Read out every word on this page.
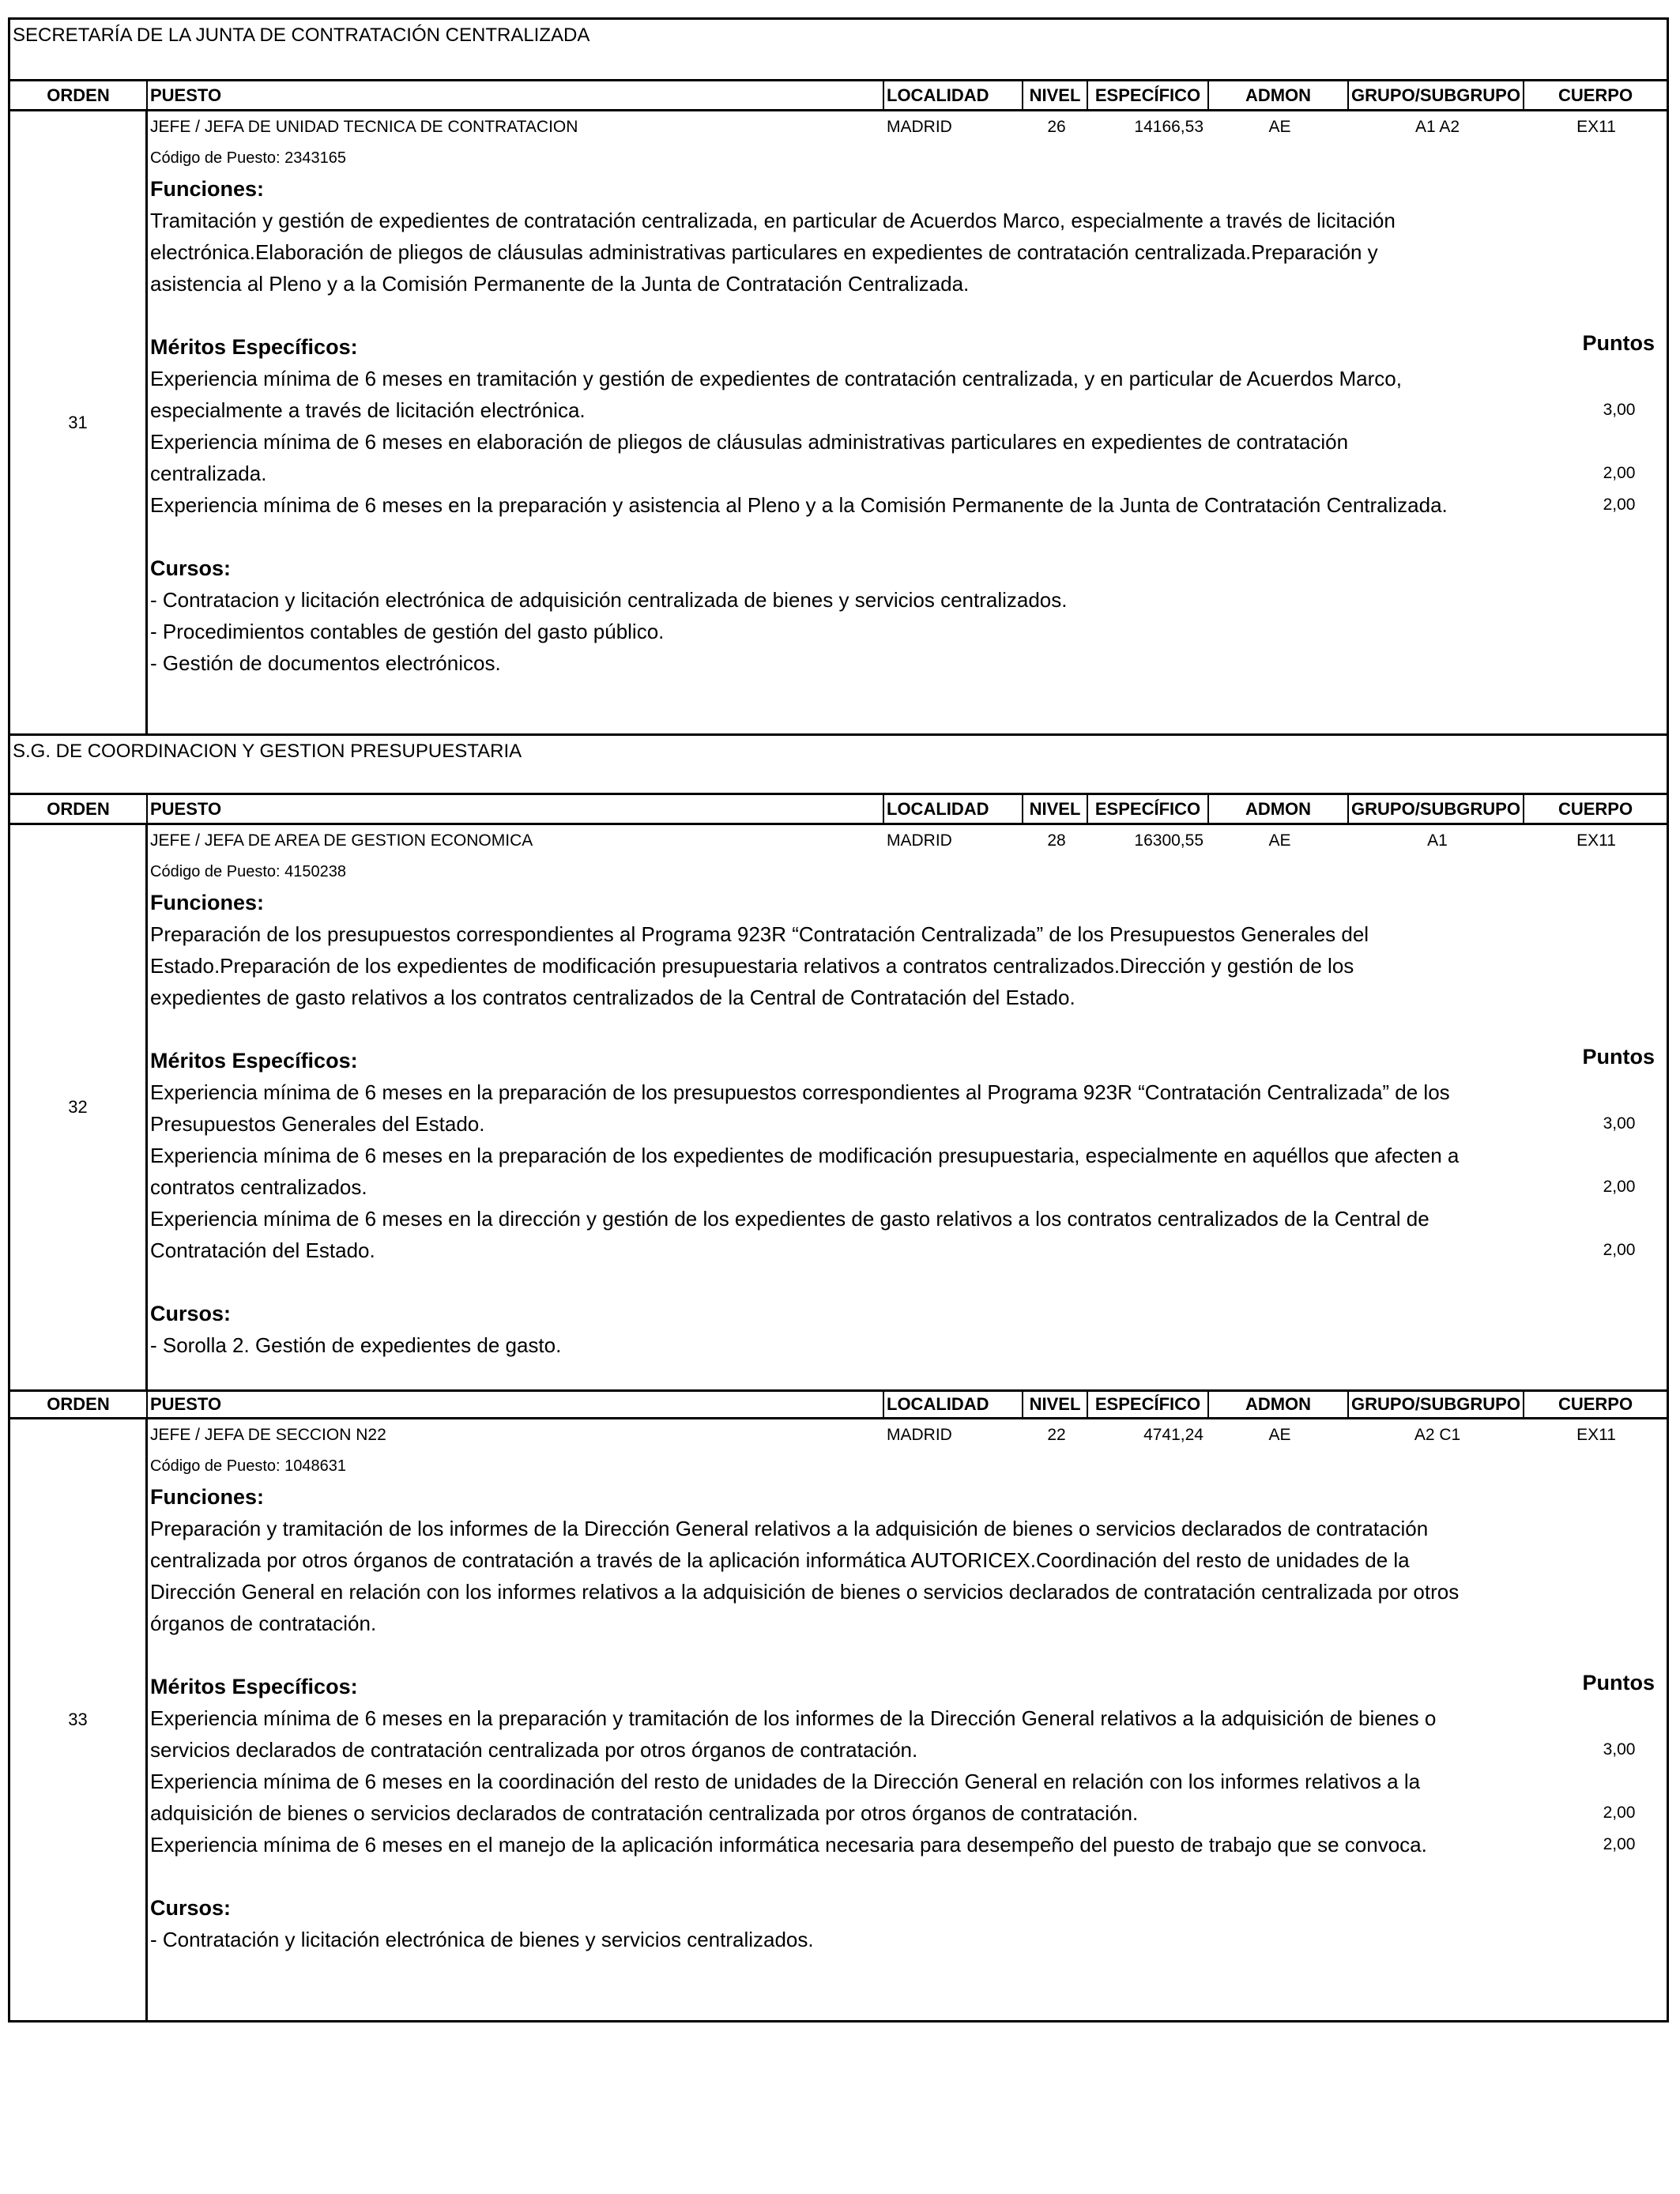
SECRETARÍA DE LA JUNTA DE CONTRATACIÓN CENTRALIZADA
ORDEN	PUESTO	LOCALIDAD	NIVEL ESPECÍFICO	ADMON	GRUPO/SUBGRUPO	CUERPO
31
JEFE / JEFA DE UNIDAD TECNICA DE CONTRATACION	MADRID	26	14166,53	AE	A1 A2	EX11
Código de Puesto: 2343165
Funciones:
Tramitación y gestión de expedientes de contratación centralizada, en particular de Acuerdos Marco, especialmente a través de licitación electrónica.Elaboración de pliegos de cláusulas administrativas particulares en expedientes de contratación centralizada.Preparación y asistencia al Pleno y a la Comisión Permanente de la Junta de Contratación Centralizada.
Méritos Específicos:	Puntos
Experiencia mínima de 6 meses en tramitación y gestión de expedientes de contratación centralizada, y en particular de Acuerdos Marco, especialmente a través de licitación electrónica.	3,00
Experiencia mínima de 6 meses en elaboración de pliegos de cláusulas administrativas particulares en expedientes de contratación centralizada.	2,00
Experiencia mínima de 6 meses en la preparación y asistencia al Pleno y a la Comisión Permanente de la Junta de Contratación Centralizada.	2,00
Cursos:
- Contratacion y licitación electrónica de adquisición centralizada de bienes y servicios centralizados.
- Procedimientos contables de gestión del gasto público.
- Gestión de documentos electrónicos.
S.G. DE COORDINACION Y GESTION PRESUPUESTARIA
ORDEN	PUESTO	LOCALIDAD	NIVEL ESPECÍFICO	ADMON	GRUPO/SUBGRUPO	CUERPO
32
JEFE / JEFA DE AREA DE GESTION ECONOMICA	MADRID	28	16300,55	AE	A1	EX11
Código de Puesto: 4150238
Funciones:
Preparación de los presupuestos correspondientes al Programa 923R “Contratación Centralizada” de los Presupuestos Generales del Estado.Preparación de los expedientes de modificación presupuestaria relativos a contratos centralizados.Dirección y gestión de los expedientes de gasto relativos a los contratos centralizados de la Central de Contratación del Estado.
Méritos Específicos:	Puntos
Experiencia mínima de 6 meses en la preparación de los presupuestos correspondientes al Programa 923R “Contratación Centralizada” de los Presupuestos Generales del Estado.	3,00
Experiencia mínima de 6 meses en la preparación de los expedientes de modificación presupuestaria, especialmente en aquéllos que afecten a contratos centralizados.	2,00
Experiencia mínima de 6 meses en la dirección y gestión de los expedientes de gasto relativos a los contratos centralizados de la Central de Contratación del Estado.	2,00
Cursos:
- Sorolla 2. Gestión de expedientes de gasto.
ORDEN	PUESTO	LOCALIDAD	NIVEL ESPECÍFICO	ADMON	GRUPO/SUBGRUPO	CUERPO
33
JEFE / JEFA DE SECCION N22	MADRID	22	4741,24	AE	A2 C1	EX11
Código de Puesto: 1048631
Funciones:
Preparación y tramitación de los informes de la Dirección General relativos a la adquisición de bienes o servicios declarados de contratación centralizada por otros órganos de contratación a través de la aplicación informática AUTORICEX.Coordinación del resto de unidades de la Dirección General en relación con los informes relativos a la adquisición de bienes o servicios declarados de contratación centralizada por otros órganos de contratación.
Méritos Específicos:	Puntos
Experiencia mínima de 6 meses en la preparación y tramitación de los informes de la Dirección General relativos a la adquisición de bienes o servicios declarados de contratación centralizada por otros órganos de contratación.	3,00
Experiencia mínima de 6 meses en la coordinación del resto de unidades de la Dirección General en relación con los informes relativos a la adquisición de bienes o servicios declarados de contratación centralizada por otros órganos de contratación.	2,00
Experiencia mínima de 6 meses en el manejo de la aplicación informática necesaria para desempeño del puesto de trabajo que se convoca.	2,00
Cursos:
- Contratación y licitación electrónica de bienes y servicios centralizados.
